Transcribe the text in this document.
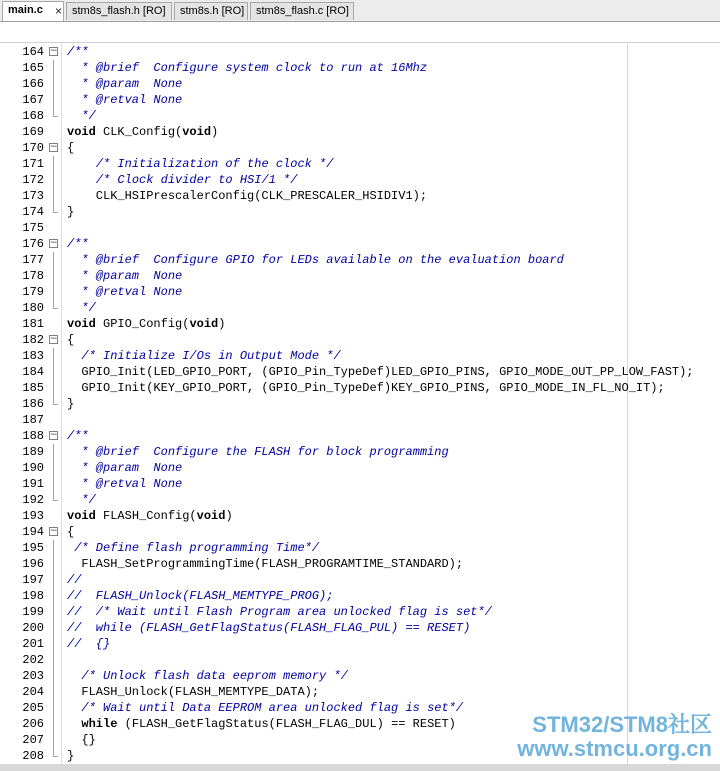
main.c × stm8s_flash.h [RO]	stm8s.h [RO]	stm8s_flash.c [RO]
164 − /**
165 * @brief  Configure system clock to run at 16Mhz
166 * @param  None
167 * @retval None
168 */
169 void CLK_Config(void)
170 − {
171	/* Initialization of the clock */
172	/* Clock divider to HSI/1 */
173 CLK_HSIPrescalerConfig(CLK_PRESCALER_HSIDIV1);
174 }
175
176 − /**
177 * @brief  Configure GPIO for LEDs available on the evaluation board
178 * @param  None
179 * @retval None
180 */
181 void GPIO_Config(void)
182 − {
183	/* Initialize I/Os in Output Mode */
184 GPIO_Init(LED_GPIO_PORT, (GPIO_Pin_TypeDef)LED_GPIO_PINS, GPIO_MODE_OUT_PP_LOW_FAST);
185 GPIO_Init(KEY_GPIO_PORT, (GPIO_Pin_TypeDef)KEY_GPIO_PINS, GPIO_MODE_IN_FL_NO_IT);
186 }
187
188 − /**
189 * @brief  Configure the FLASH for block programming
190 * @param  None
191 * @retval None
192 */
193 void FLASH_Config(void)
194 − {
195	/* Define flash programming Time*/
196 FLASH_SetProgrammingTime(FLASH_PROGRAMTIME_STANDARD);
197 //
198 //  FLASH_Unlock(FLASH_MEMTYPE_PROG);
199 //  /* Wait until Flash Program area unlocked flag is set*/
200 //  while (FLASH_GetFlagStatus(FLASH_FLAG_PUL) == RESET)
201 //  {}
202
203	/* Unlock flash data eeprom memory */
204 FLASH_Unlock(FLASH_MEMTYPE_DATA);
205	/* Wait until Data EEPROM area unlocked flag is set*/
206	while (FLASH_GetFlagStatus(FLASH_FLAG_DUL) == RESET)
207 {}
208 }
STM32/STM8社区
www.stmcu.org.cn
